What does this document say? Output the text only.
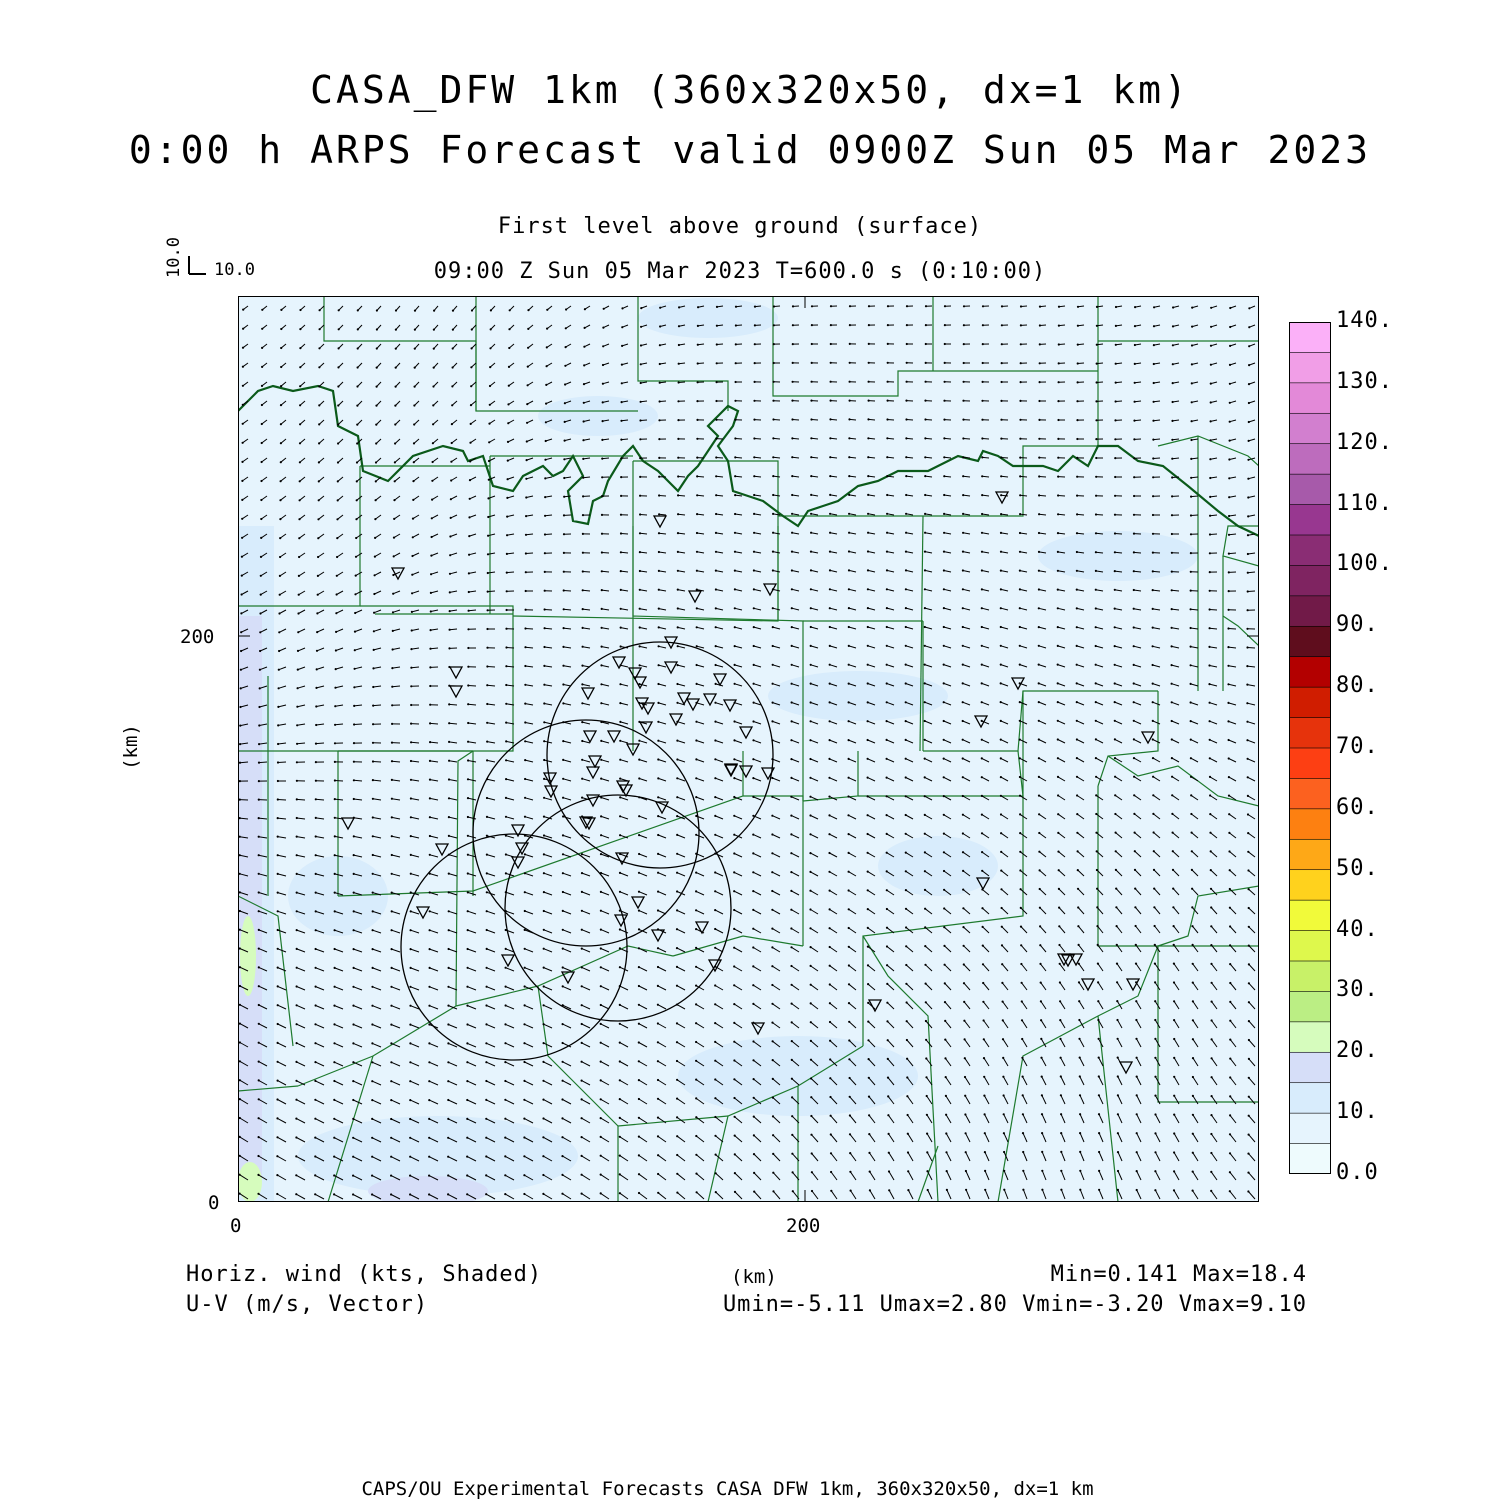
CASA_DFW 1km (360x320x50, dx=1 km)
0:00 h ARPS Forecast valid 0900Z Sun 05 Mar 2023
First level above ground (surface)
09:00 Z Sun 05 Mar 2023 T=600.0 s (0:10:00)
10.0
10.0
0	200
0
200
(km)
140.
130.
120.
110.
100.
90.
80.
70.
60.
50.
40.
30.
20.
10.
0.0
Horiz. wind (kts, Shaded)
U-V (m/s, Vector)
(km)	Min=0.141 Max=18.4
Umin=-5.11 Umax=2.80 Vmin=-3.20 Vmax=9.10
CAPS/OU Experimental Forecasts CASA DFW 1km, 360x320x50, dx=1 km
